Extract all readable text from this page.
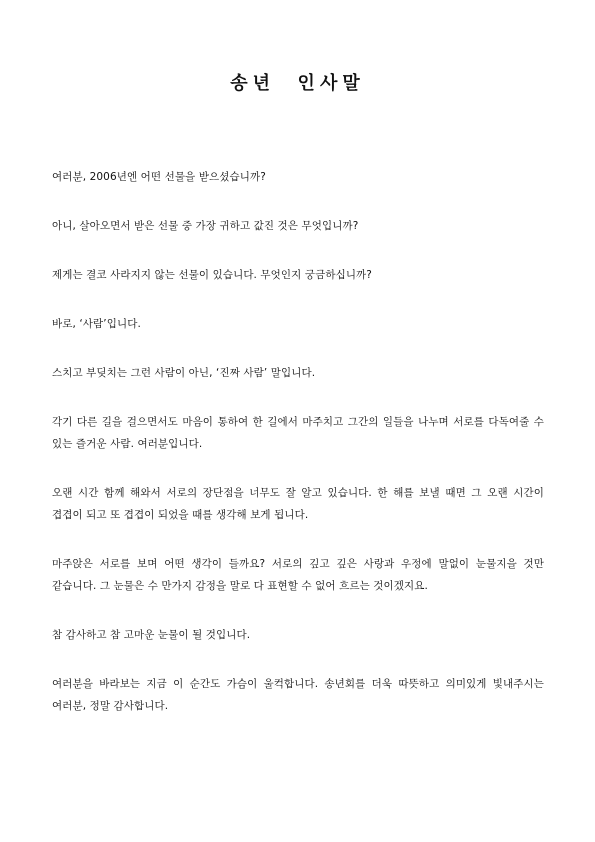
송년  인사말

여러분, 2006년엔 어떤 선물을 받으셨습니까?

아니, 살아오면서 받은 선물 중 가장 귀하고 값진 것은 무엇입니까?

제게는 결코 사라지지 않는 선물이 있습니다. 무엇인지 궁금하십니까?

바로, ‘사람’입니다.

스치고 부딪치는 그런 사람이 아닌, ‘진짜 사람’ 말입니다.

각기 다른 길을 걸으면서도 마음이 통하여 한 길에서 마주치고 그간의 일들을 나누며 서로를 다독여줄 수 있는 즐거운 사람. 여러분입니다.

오랜 시간 함께 해와서 서로의 장단점을 너무도 잘 알고 있습니다. 한 해를 보낼 때면 그 오랜 시간이 겹겹이 되고 또 겹겹이 되었을 때를 생각해 보게 됩니다.

마주앉은 서로를 보며 어떤 생각이 들까요? 서로의 깊고 깊은 사랑과 우정에 말없이 눈물지을 것만 같습니다. 그 눈물은 수 만가지 감정을 말로 다 표현할 수 없어 흐르는 것이겠지요.

참 감사하고 참 고마운 눈물이 될 것입니다.

여러분을 바라보는 지금 이 순간도 가슴이 울컥합니다. 송년회를 더욱 따뜻하고 의미있게 빛내주시는 여러분, 정말 감사합니다.
